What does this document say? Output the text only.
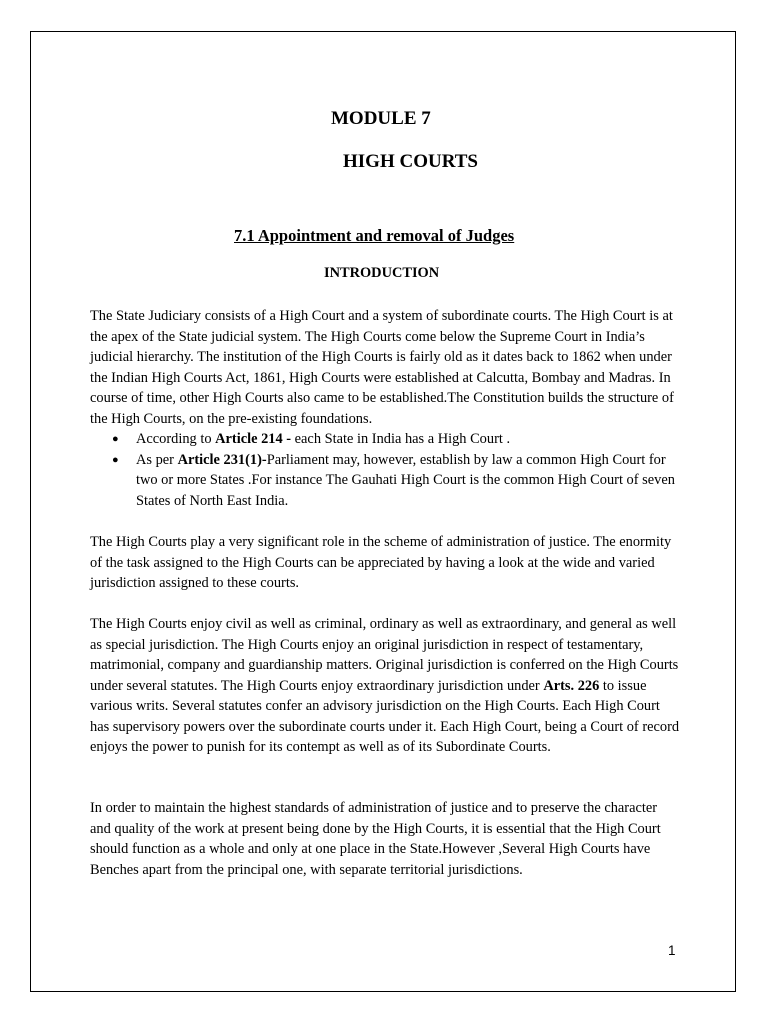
MODULE 7
HIGH COURTS
7.1 Appointment and removal of Judges
INTRODUCTION

The State Judiciary consists of a High Court and a system of subordinate courts. The High Court is at the apex of the State judicial system. The High Courts come below the Supreme Court in India’s judicial hierarchy. The institution of the High Courts is fairly old as it dates back to 1862 when under the Indian High Courts Act, 1861, High Courts were established at Calcutta, Bombay and Madras. In course of time, other High Courts also came to be established.The Constitution builds the structure of the High Courts, on the pre-existing foundations.

● According to Article 214 - each State in India has a High Court .
● As per Article 231(1)-Parliament may, however, establish by law a common High Court for two or more States .For instance The Gauhati High Court is the common High Court of seven States of North East India.

The High Courts play a very significant role in the scheme of administration of justice. The enormity of the task assigned to the High Courts can be appreciated by having a look at the wide and varied jurisdiction assigned to these courts.

The High Courts enjoy civil as well as criminal, ordinary as well as extraordinary, and general as well as special jurisdiction. The High Courts enjoy an original jurisdiction in respect of testamentary, matrimonial, company and guardianship matters. Original jurisdiction is conferred on the High Courts under several statutes. The High Courts enjoy extraordinary jurisdiction under Arts. 226 to issue various writs. Several statutes confer an advisory jurisdiction on the High Courts. Each High Court has supervisory powers over the subordinate courts under it. Each High Court, being a Court of record enjoys the power to punish for its contempt as well as of its Subordinate Courts.

In order to maintain the highest standards of administration of justice and to preserve the character and quality of the work at present being done by the High Courts, it is essential that the High Court should function as a whole and only at one place in the State.However ,Several High Courts have Benches apart from the principal one, with separate territorial jurisdictions.

1
